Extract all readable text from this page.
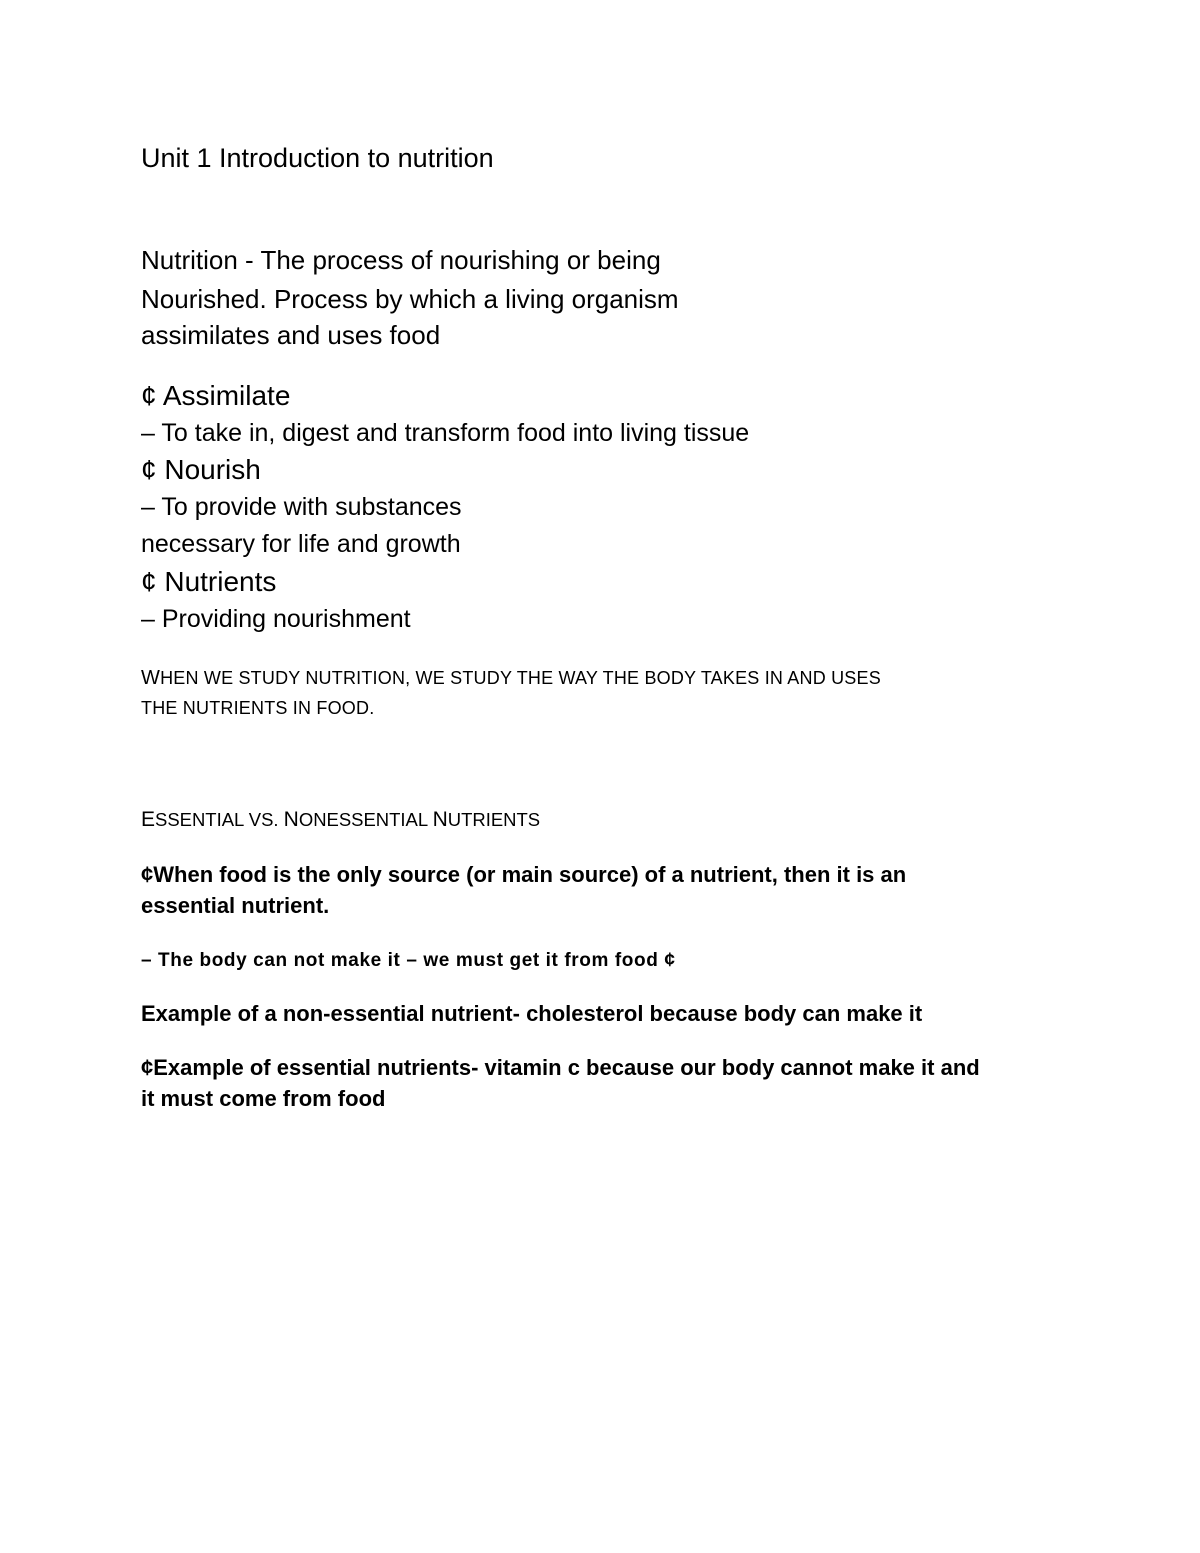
Unit 1 Introduction to nutrition
Nutrition - The process of nourishing or being
Nourished. Process by which a living organism
assimilates and uses food
¢ Assimilate
– To take in, digest and transform food into living tissue
¢ Nourish
– To provide with substances
necessary for life and growth
¢ Nutrients
– Providing nourishment
WHEN WE STUDY NUTRITION, WE STUDY THE WAY THE BODY TAKES IN AND USES
THE NUTRIENTS IN FOOD.
ESSENTIAL VS. NONESSENTIAL NUTRIENTS
¢When food is the only source (or main source) of a nutrient, then it is an
essential nutrient.
– The body can not make it – we must get it from food ¢
Example of a non-essential nutrient- cholesterol because body can make it
¢Example of essential nutrients- vitamin c because our body cannot make it and
it must come from food
